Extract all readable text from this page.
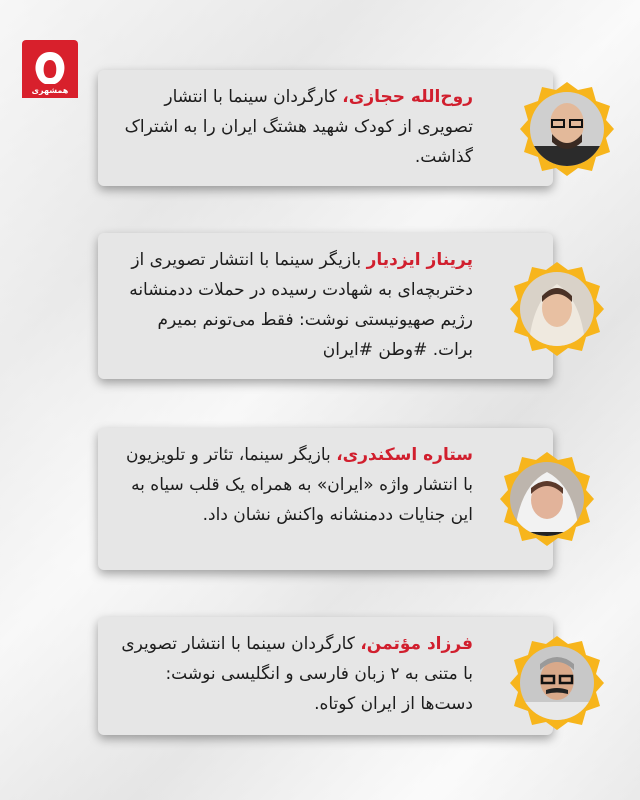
همشهری	روح‌الله حجازی، کارگردان سینما با انتشار تصویری از کودک شهید هشتگ ایران را به اشتراک گذاشت.
پریناز ایزدیار بازیگر سینما با انتشار تصویری از دختربچه‌ای به شهادت رسیده در حملات ددمنشانه رژیم صهیونیستی نوشت: فقط می‌تونم بمیرم برات. #وطن #ایران
ستاره اسکندری، بازیگر سینما، تئاتر و تلویزیون با انتشار واژه «ایران» به همراه یک قلب سیاه به این جنایات ددمنشانه واکنش نشان داد.
فرزاد مؤتمن، کارگردان سینما با انتشار تصویری با متنی به ۲ زبان فارسی و انگلیسی نوشت: دست‌ها از ایران کوتاه.
